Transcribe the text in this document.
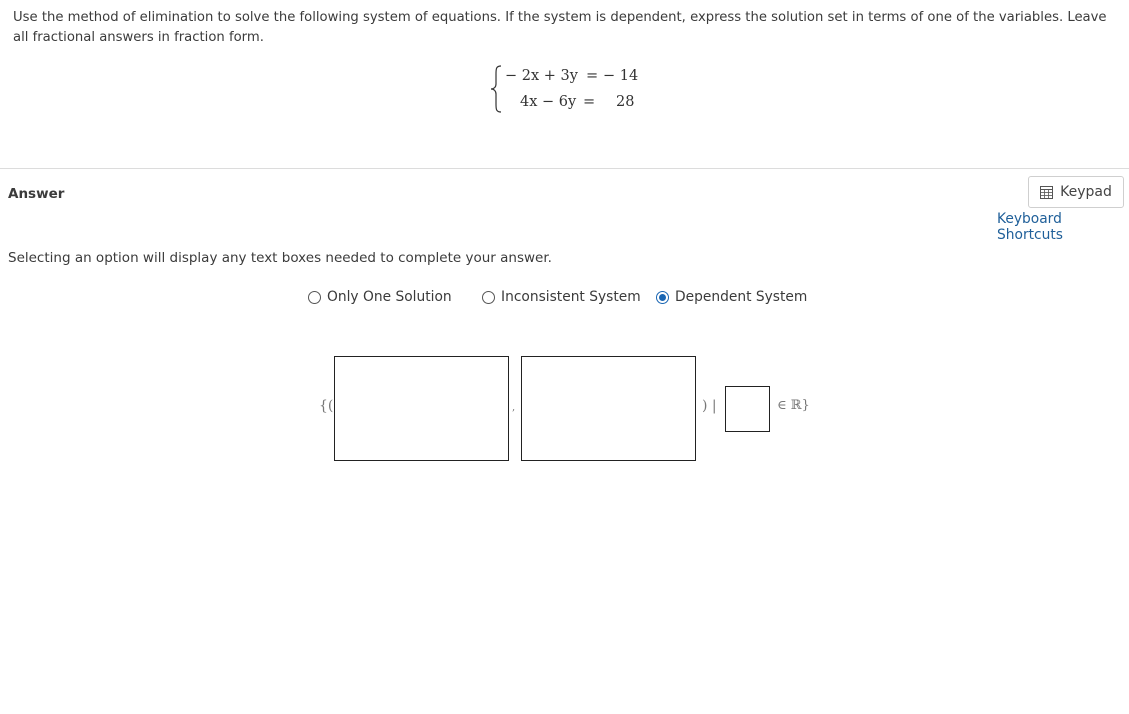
Use the method of elimination to solve the following system of equations. If the system is dependent, express the solution set in terms of one of the variables. Leave all fractional answers in fraction form.
− 2x + 3y = − 14
4x − 6y = 28
Answer	Keypad
Keyboard Shortcuts
Selecting an option will display any text boxes needed to complete your answer.
Only One Solution	Inconsistent System Dependent System
{(	,	) |	∈ ℝ}
